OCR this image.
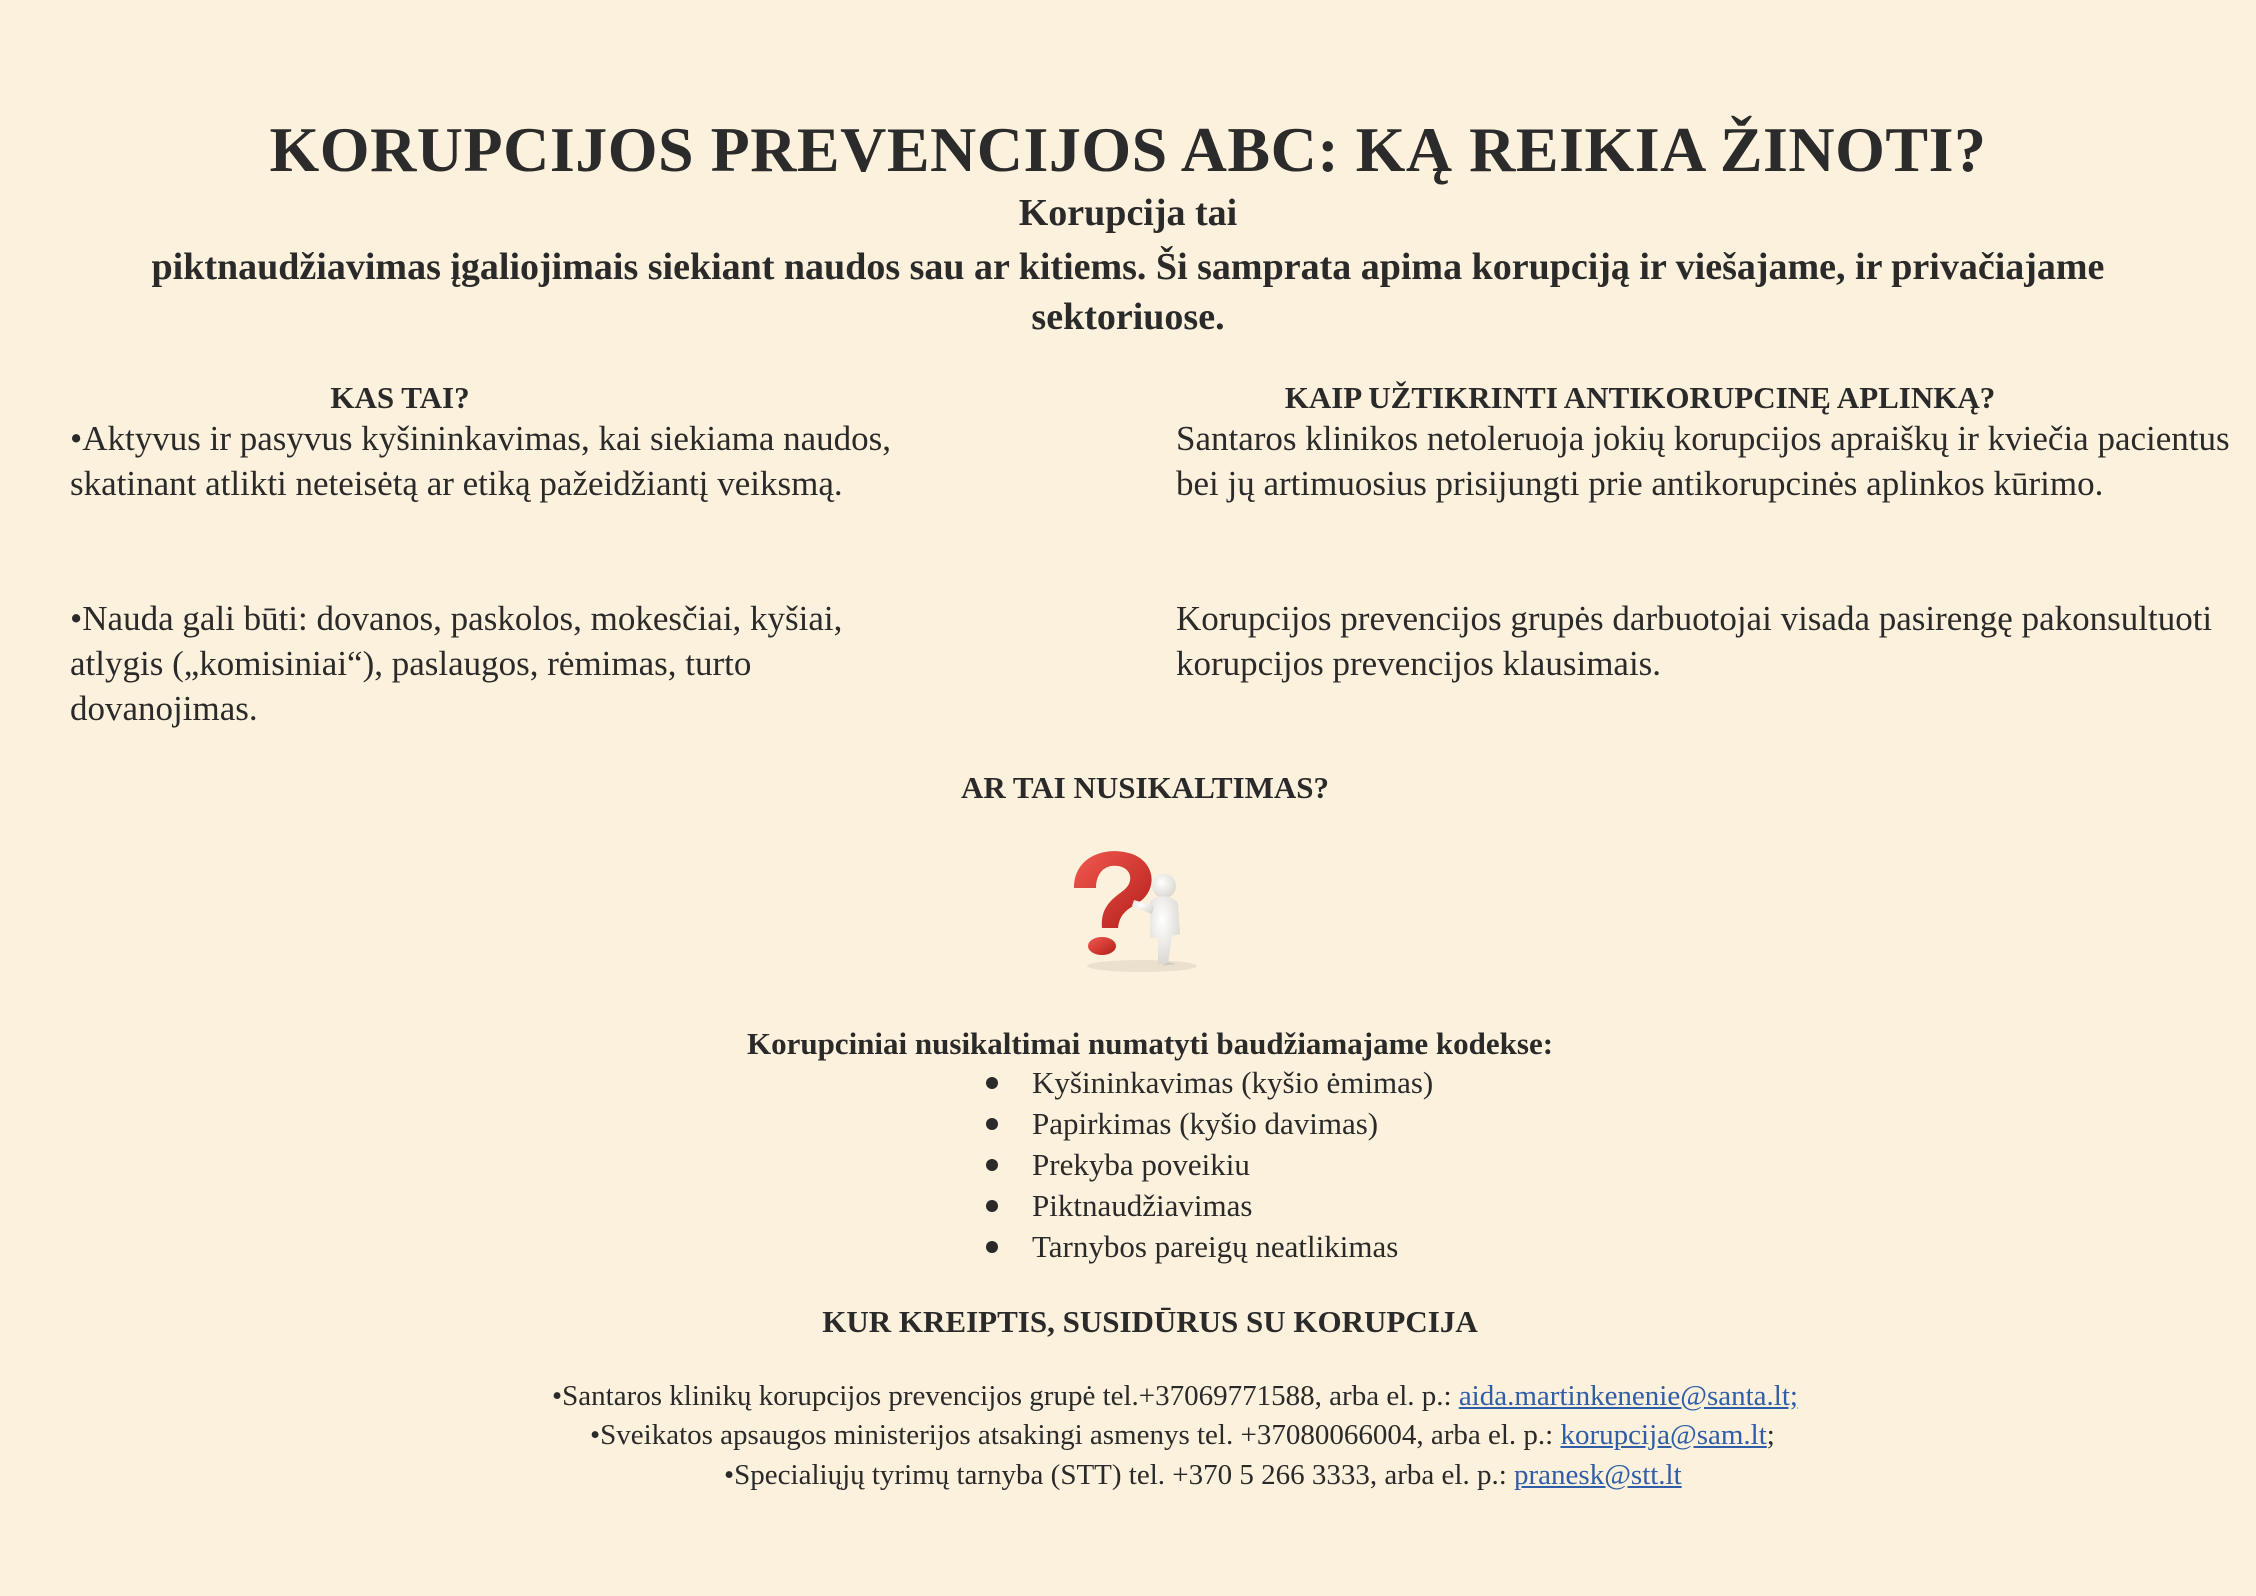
KORUPCIJOS PREVENCIJOS ABC: KĄ REIKIA ŽINOTI?
Korupcija tai
piktnaudžiavimas įgaliojimais siekiant naudos sau ar kitiems. Ši samprata apima korupciją ir viešajame, ir privačiajame sektoriuose.
KAS TAI?
•Aktyvus ir pasyvus kyšininkavimas, kai siekiama naudos, skatinant atlikti neteisėtą ar etiką pažeidžiantį veiksmą.
•Nauda gali būti: dovanos, paskolos, mokesčiai, kyšiai, atlygis („komisiniai“), paslaugos, rėmimas, turto dovanojimas.
KAIP UŽTIKRINTI ANTIKORUPCINĘ APLINKĄ?
Santaros klinikos netoleruoja jokių korupcijos apraiškų ir kviečia pacientus bei jų artimuosius prisijungti prie antikorupcinės aplinkos kūrimo.
Korupcijos prevencijos grupės darbuotojai visada pasirengę pakonsultuoti korupcijos prevencijos klausimais.
AR TAI NUSIKALTIMAS?
Korupciniai nusikaltimai numatyti baudžiamajame kodekse:
Kyšininkavimas (kyšio ėmimas)
Papirkimas (kyšio davimas)
Prekyba poveikiu
Piktnaudžiavimas
Tarnybos pareigų neatlikimas
KUR KREIPTIS, SUSIDŪRUS SU KORUPCIJA
•Santaros klinikų korupcijos prevencijos grupė tel.+37069771588, arba el. p.: aida.martinkenenie@santa.lt;
•Sveikatos apsaugos ministerijos atsakingi asmenys tel. +37080066004, arba el. p.: korupcija@sam.lt;
•Specialiųjų tyrimų tarnyba (STT) tel. +370 5 266 3333, arba el. p.: pranesk@stt.lt
